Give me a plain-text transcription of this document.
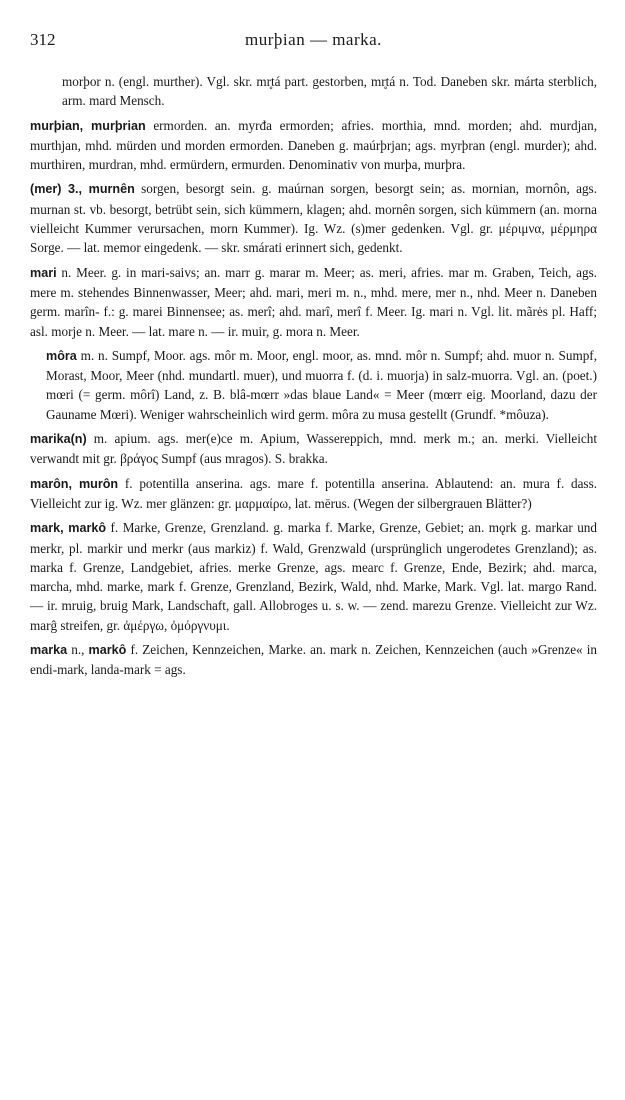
312	murþian — marka.
morþor n. (engl. murther). Vgl. skr. mr̥tá part. gestorben, mr̥tá n. Tod. Daneben skr. márta sterblich, arm. mard Mensch.
murþian, murþrian ermorden. an. myrđa ermorden; afries. morthia, mnd. morden; ahd. murdjan, murthjan, mhd. mürden und morden ermorden. Daneben g. maúrþrjan; ags. myrþran (engl. murder); ahd. murthiren, murdran, mhd. ermürdern, ermurden. Denominativ von murþa, murþra.
(mer) 3., murnên sorgen, besorgt sein. g. maúrnan sorgen, besorgt sein; as. mornian, mornôn, ags. murnan st. vb. besorgt, betrübt sein, sich kümmern, klagen; ahd. mornên sorgen, sich kümmern (an. morna vielleicht Kummer verursachen, morn Kummer). Ig. Wz. (s)mer gedenken. Vgl. gr. μέριμνα, μέρμηρα Sorge. — lat. memor eingedenk. — skr. smárati erinnert sich, gedenkt.
mari n. Meer. g. in mari-saivs; an. marr g. marar m. Meer; as. meri, afries. mar m. Graben, Teich, ags. mere m. stehendes Binnenwasser, Meer; ahd. mari, meri m. n., mhd. mere, mer n., nhd. Meer n. Daneben germ. marîn- f.: g. marei Binnensee; as. merî; ahd. marî, merî f. Meer. Ig. mari n. Vgl. lit. mãrės pl. Haff; asl. morje n. Meer. — lat. mare n. — ir. muir, g. mora n. Meer.
môra m. n. Sumpf, Moor. ags. môr m. Moor, engl. moor, as. mnd. môr n. Sumpf; ahd. muor n. Sumpf, Morast, Moor, Meer (nhd. mundartl. muer), und muorra f. (d. i. muorja) in salz-muorra. Vgl. an. (poet.) mœri (= germ. môrî) Land, z. B. blâ-mœrr »das blaue Land« = Meer (mœrr eig. Moorland, dazu der Gauname Mœri). Weniger wahrscheinlich wird germ. môra zu musa gestellt (Grundf. *môuza).
marika(n) m. apium. ags. mer(e)ce m. Apium, Wassereppich, mnd. merk m.; an. merki. Vielleicht verwandt mit gr. βράγος Sumpf (aus mragos). S. brakka.
marôn, murôn f. potentilla anserina. ags. mare f. potentilla anserina. Ablautend: an. mura f. dass. Vielleicht zur ig. Wz. mer glänzen: gr. μαρμαίρω, lat. mērus. (Wegen der silbergrauen Blätter?)
mark, markô f. Marke, Grenze, Grenzland. g. marka f. Marke, Grenze, Gebiet; an. mǫrk g. markar und merkr, pl. markir und merkr (aus markiz) f. Wald, Grenzwald (ursprünglich ungerodetes Grenzland); as. marka f. Grenze, Landgebiet, afries. merke Grenze, ags. mearc f. Grenze, Ende, Bezirk; ahd. marca, marcha, mhd. marke, mark f. Grenze, Grenzland, Bezirk, Wald, nhd. Marke, Mark. Vgl. lat. margo Rand. — ir. mruig, bruig Mark, Landschaft, gall. Allobroges u. s. w. — zend. marezu Grenze. Vielleicht zur Wz. marĝ streifen, gr. ἀμέργω, ὀμόργνυμι.
marka n., markô f. Zeichen, Kennzeichen, Marke. an. mark n. Zeichen, Kennzeichen (auch »Grenze« in endi-mark, landa-mark = ags.
